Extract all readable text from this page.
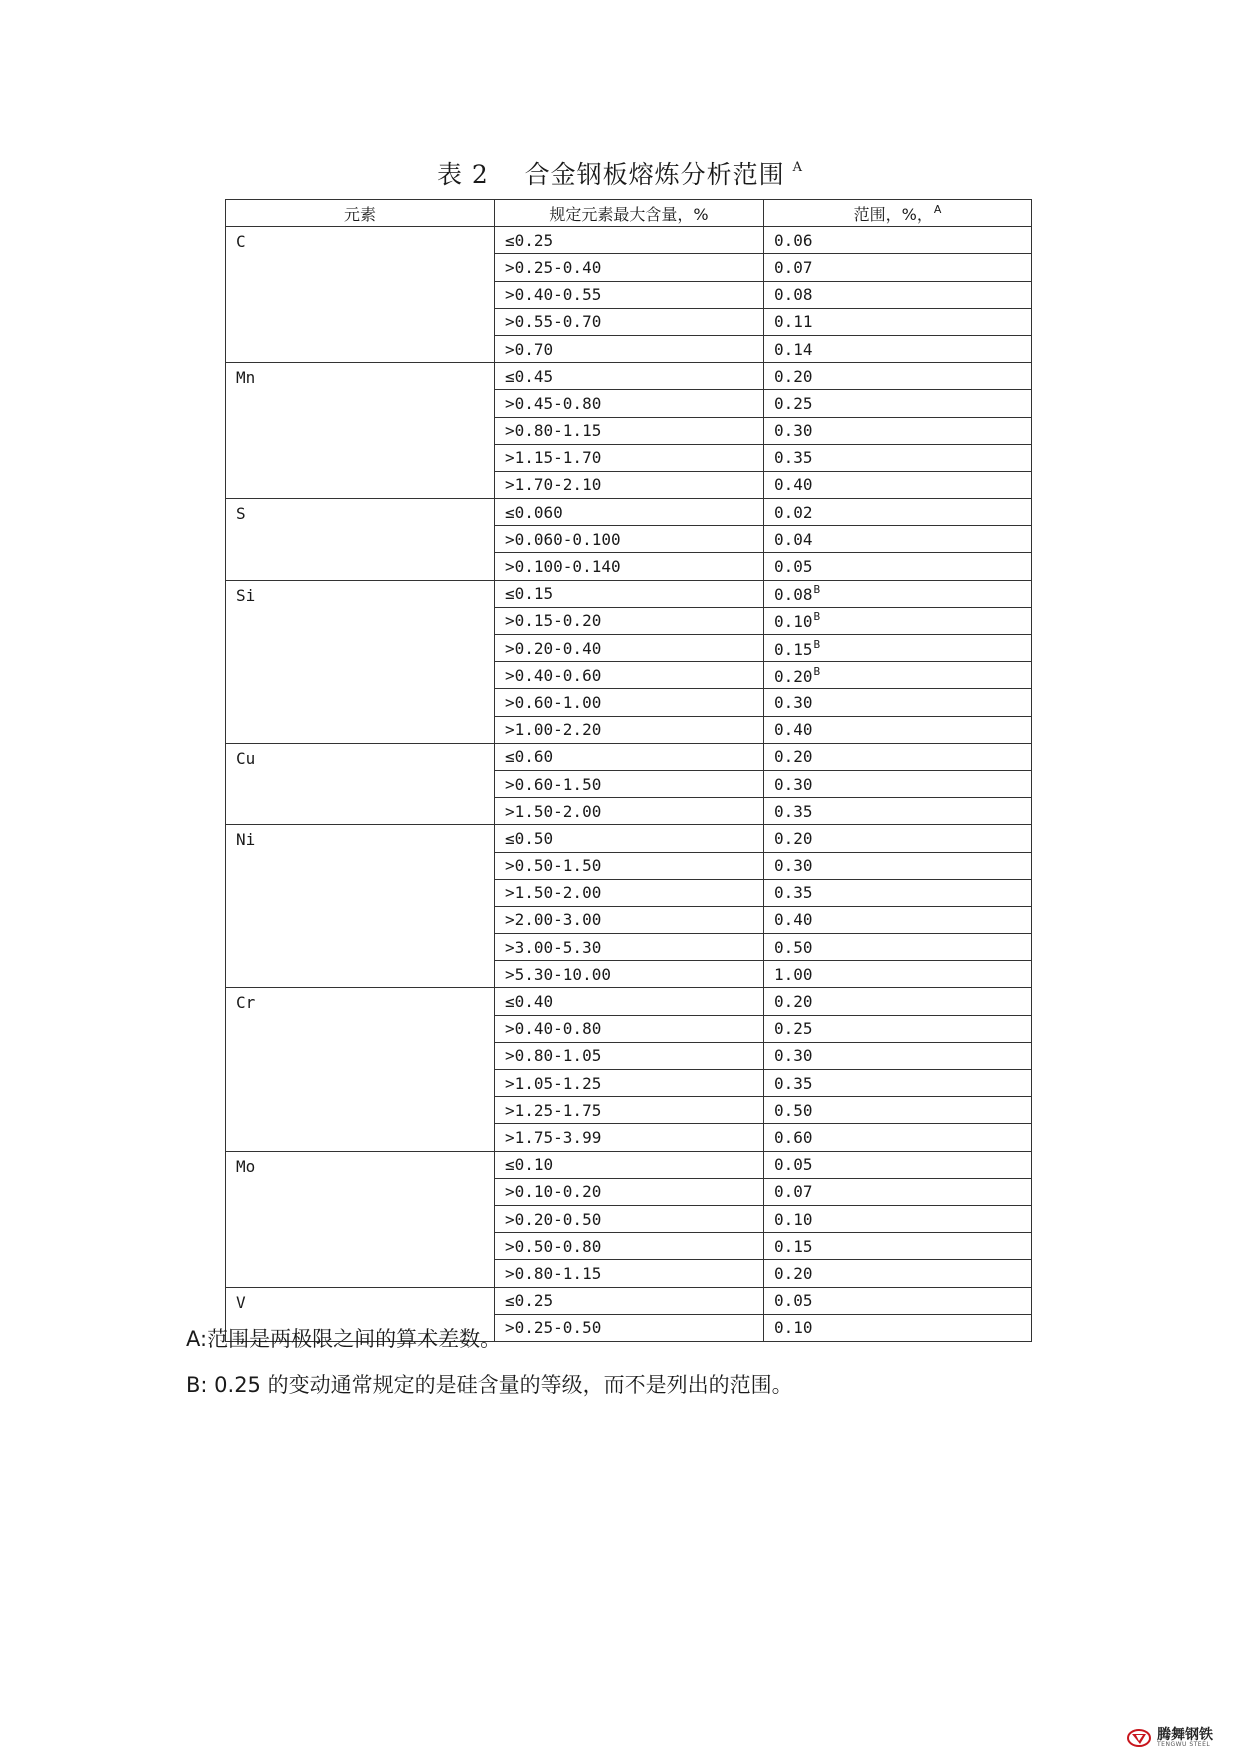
表 2    合金钢板熔炼分析范围 $^A$
元素	规定元素最大含量，%	范围，%，$^A$
C	≤0.25	0.06
	>0.25-0.40	0.07
	>0.40-0.55	0.08
	>0.55-0.70	0.11
	>0.70	0.14
Mn	≤0.45	0.20
	>0.45-0.80	0.25
	>0.80-1.15	0.30
	>1.15-1.70	0.35
	>1.70-2.10	0.40
S	≤0.060	0.02
	>0.060-0.100	0.04
	>0.100-0.140	0.05
Si	≤0.15	$0.08^B$
	>0.15-0.20	$0.10^B$
	>0.20-0.40	$0.15^B$
	>0.40-0.60	$0.20^B$
	>0.60-1.00	0.30
	>1.00-2.20	0.40
Cu	≤0.60	0.20
	>0.60-1.50	0.30
	>1.50-2.00	0.35
Ni	≤0.50	0.20
	>0.50-1.50	0.30
	>1.50-2.00	0.35
	>2.00-3.00	0.40
	>3.00-5.30	0.50
	>5.30-10.00	1.00
Cr	≤0.40	0.20
	>0.40-0.80	0.25
	>0.80-1.05	0.30
	>1.05-1.25	0.35
	>1.25-1.75	0.50
	>1.75-3.99	0.60
Mo	≤0.10	0.05
	>0.10-0.20	0.07
	>0.20-0.50	0.10
	>0.50-0.80	0.15
	>0.80-1.15	0.20
V	≤0.25	0.05
	>0.25-0.50	0.10
A:范围是两极限之间的算术差数。
B: 0.25 的变动通常规定的是硅含量的等级，而不是列出的范围。
腾舞钢铁
TENGWU STEEL
